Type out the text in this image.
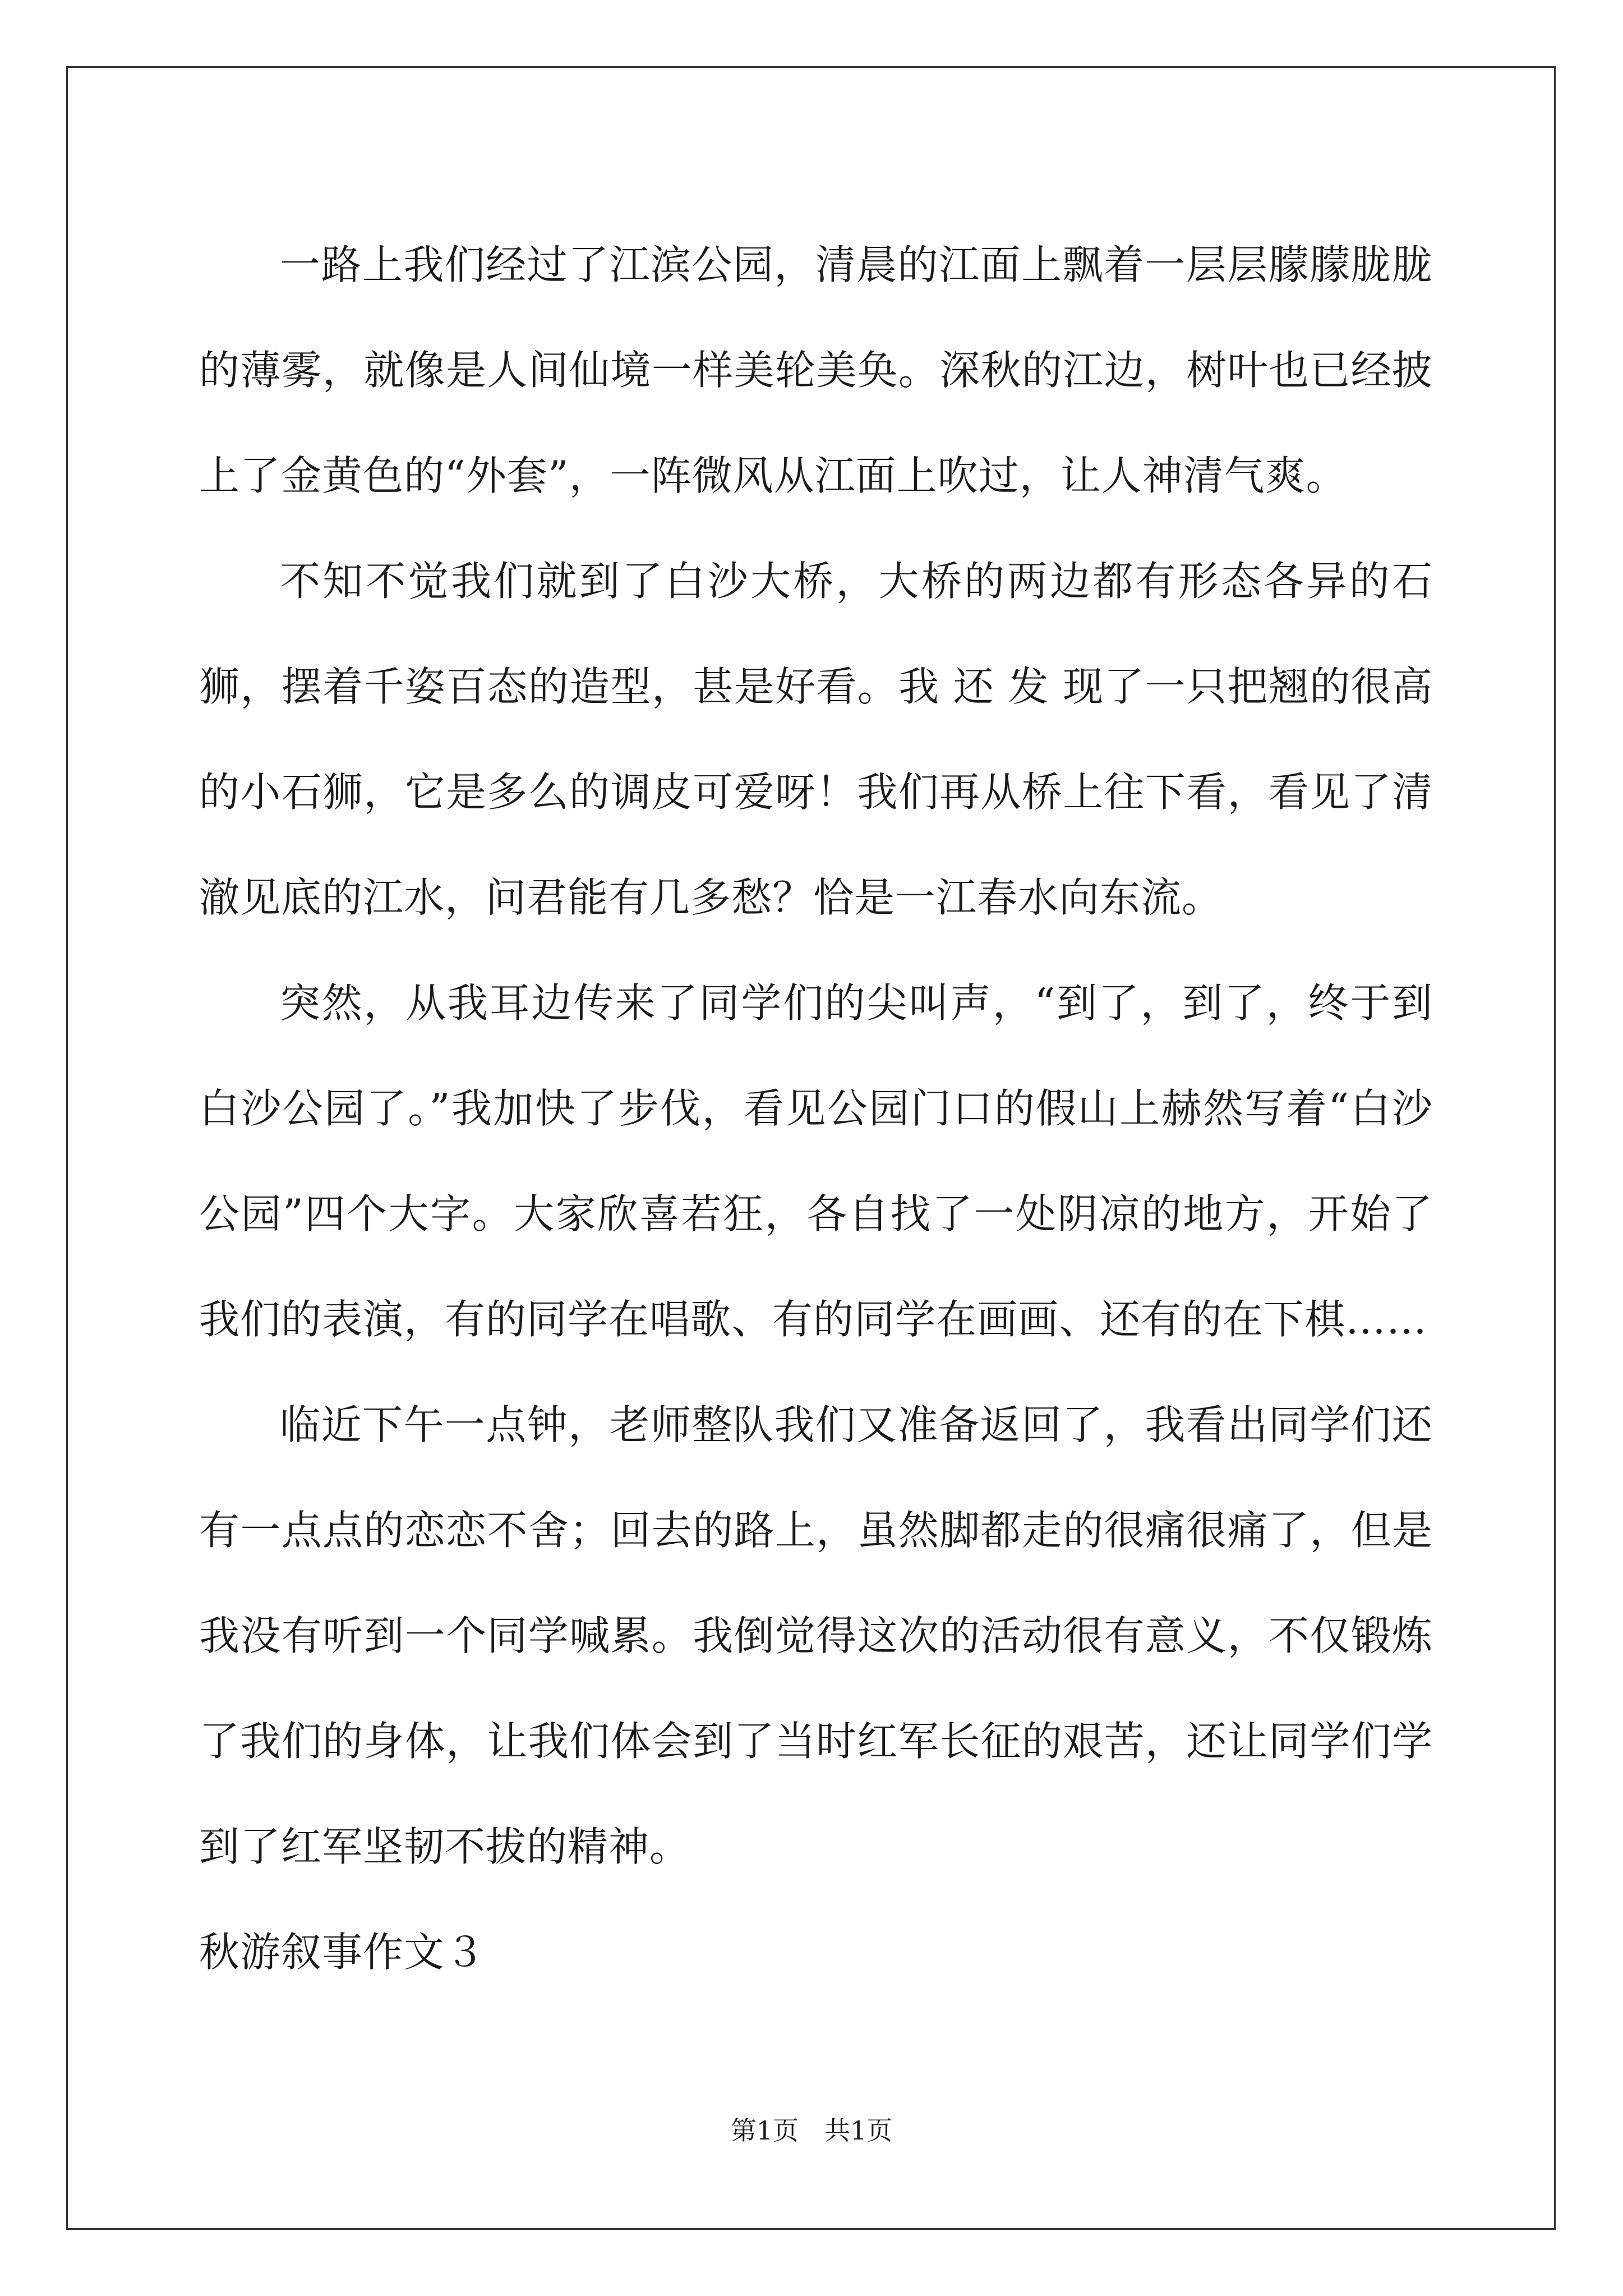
一路上我们经过了江滨公园，清晨的江面上飘着一层层朦朦胧胧的薄雾，就像是人间仙境一样美轮美奂。深秋的江边，树叶也已经披上了金黄色的“外套”，一阵微风从江面上吹过，让人神清气爽。

不知不觉我们就到了白沙大桥，大桥的两边都有形态各异的石狮，摆着千姿百态的造型，甚是好看。我 还 发 现了一只把翘的很高的小石狮，它是多么的调皮可爱呀！我们再从桥上往下看，看见了清澈见底的江水，问君能有几多愁？恰是一江春水向东流。

突然，从我耳边传来了同学们的尖叫声，“到了，到了，终于到白沙公园了。”我加快了步伐，看见公园门口的假山上赫然写着“白沙公园”四个大字。大家欣喜若狂，各自找了一处阴凉的地方，开始了我们的表演，有的同学在唱歌、有的同学在画画、还有的在下棋……

临近下午一点钟，老师整队我们又准备返回了，我看出同学们还有一点点的恋恋不舍；回去的路上，虽然脚都走的很痛很痛了，但是我没有听到一个同学喊累。我倒觉得这次的活动很有意义，不仅锻炼了我们的身体，让我们体会到了当时红军长征的艰苦，还让同学们学到了红军坚韧不拔的精神。

秋游叙事作文３

第1页 共1页
